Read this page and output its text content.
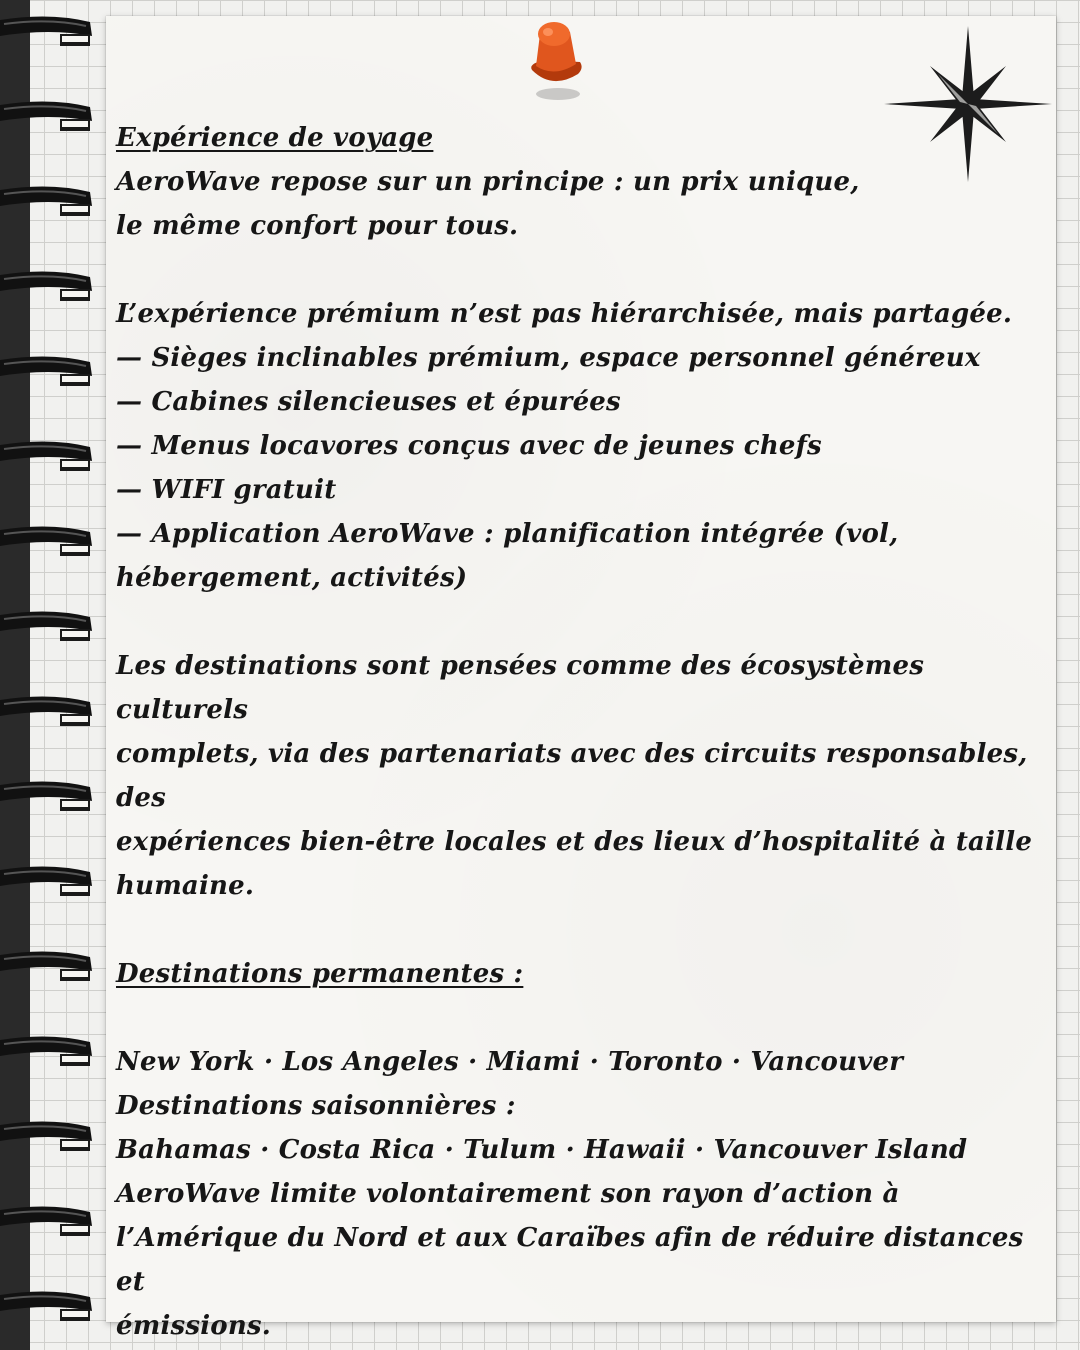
Expérience de voyage

AeroWave repose sur un principe : un prix unique,

le même confort pour tous.

L’expérience prémium n’est pas hiérarchisée, mais partagée.

— Sièges inclinables prémium, espace personnel généreux

— Cabines silencieuses et épurées

— Menus locavores conçus avec de jeunes chefs

— WIFI gratuit

— Application AeroWave : planification intégrée (vol,

hébergement, activités)

Les destinations sont pensées comme des écosystèmes culturels

complets, via des partenariats avec des circuits responsables, des

expériences bien-être locales et des lieux d’hospitalité à taille

humaine.

Destinations permanentes :

New York · Los Angeles · Miami · Toronto · Vancouver

Destinations saisonnières :

Bahamas · Costa Rica · Tulum · Hawaii · Vancouver Island

AeroWave limite volontairement son rayon d’action à

l’Amérique du Nord et aux Caraïbes afin de réduire distances et

émissions.
